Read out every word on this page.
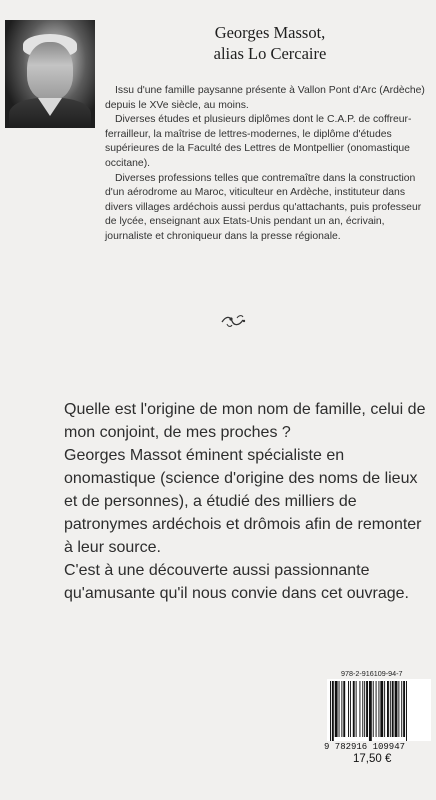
Georges Massot,
alias Lo Cercaire

Issu d'une famille paysanne présente à Vallon Pont d'Arc (Ardèche) depuis le XVe siècle, au moins.

Diverses études et plusieurs diplômes dont le C.A.P. de coffreur-ferrailleur, la maîtrise de lettres-modernes, le diplôme d'études supérieures de la Faculté des Lettres de Montpellier (onomastique occitane).

Diverses professions telles que contremaître dans la construction d'un aérodrome au Maroc, viticulteur en Ardèche, instituteur dans divers villages ardéchois aussi perdus qu'attachants, puis professeur de lycée, enseignant aux Etats-Unis pendant un an, écrivain, journaliste et chroniqueur dans la presse régionale.

Quelle est l'origine de mon nom de famille, celui de mon conjoint, de mes proches ?

Georges Massot éminent spécialiste en onomastique (science d'origine des noms de lieux et de personnes), a étudié des milliers de patronymes ardéchois et drômois afin de remonter à leur source.

C'est à une découverte aussi passionnante qu'amusante qu'il nous convie dans cet ouvrage.

978-2-916109-94-7
9 782916 109947
17,50 €
